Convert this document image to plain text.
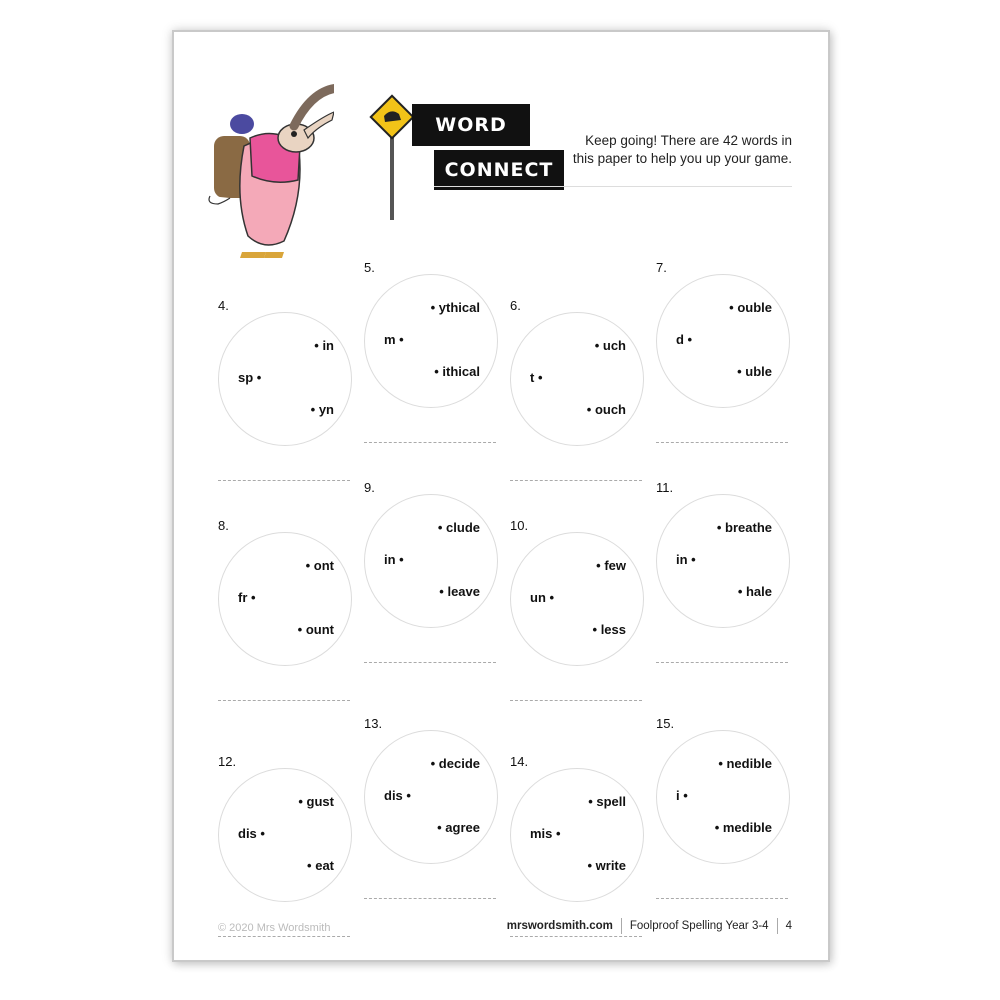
WORD
CONNECT
Keep going! There are 42 words in this paper to help you up your game.
4.
sp •
• in
• yn
5.
m •
• ythical
• ithical
6.
t •
• uch
• ouch
7.
d •
• ouble
• uble
8.
fr •
• ont
• ount
9.
in •
• clude
• leave
10.
un •
• few
• less
11.
in •
• breathe
• hale
12.
dis •
• gust
• eat
13.
dis •
• decide
• agree
14.
mis •
• spell
• write
15.
i •
• nedible
• medible
© 2020 Mrs Wordsmith	mrswordsmith.com Foolproof Spelling Year 3-4 4
